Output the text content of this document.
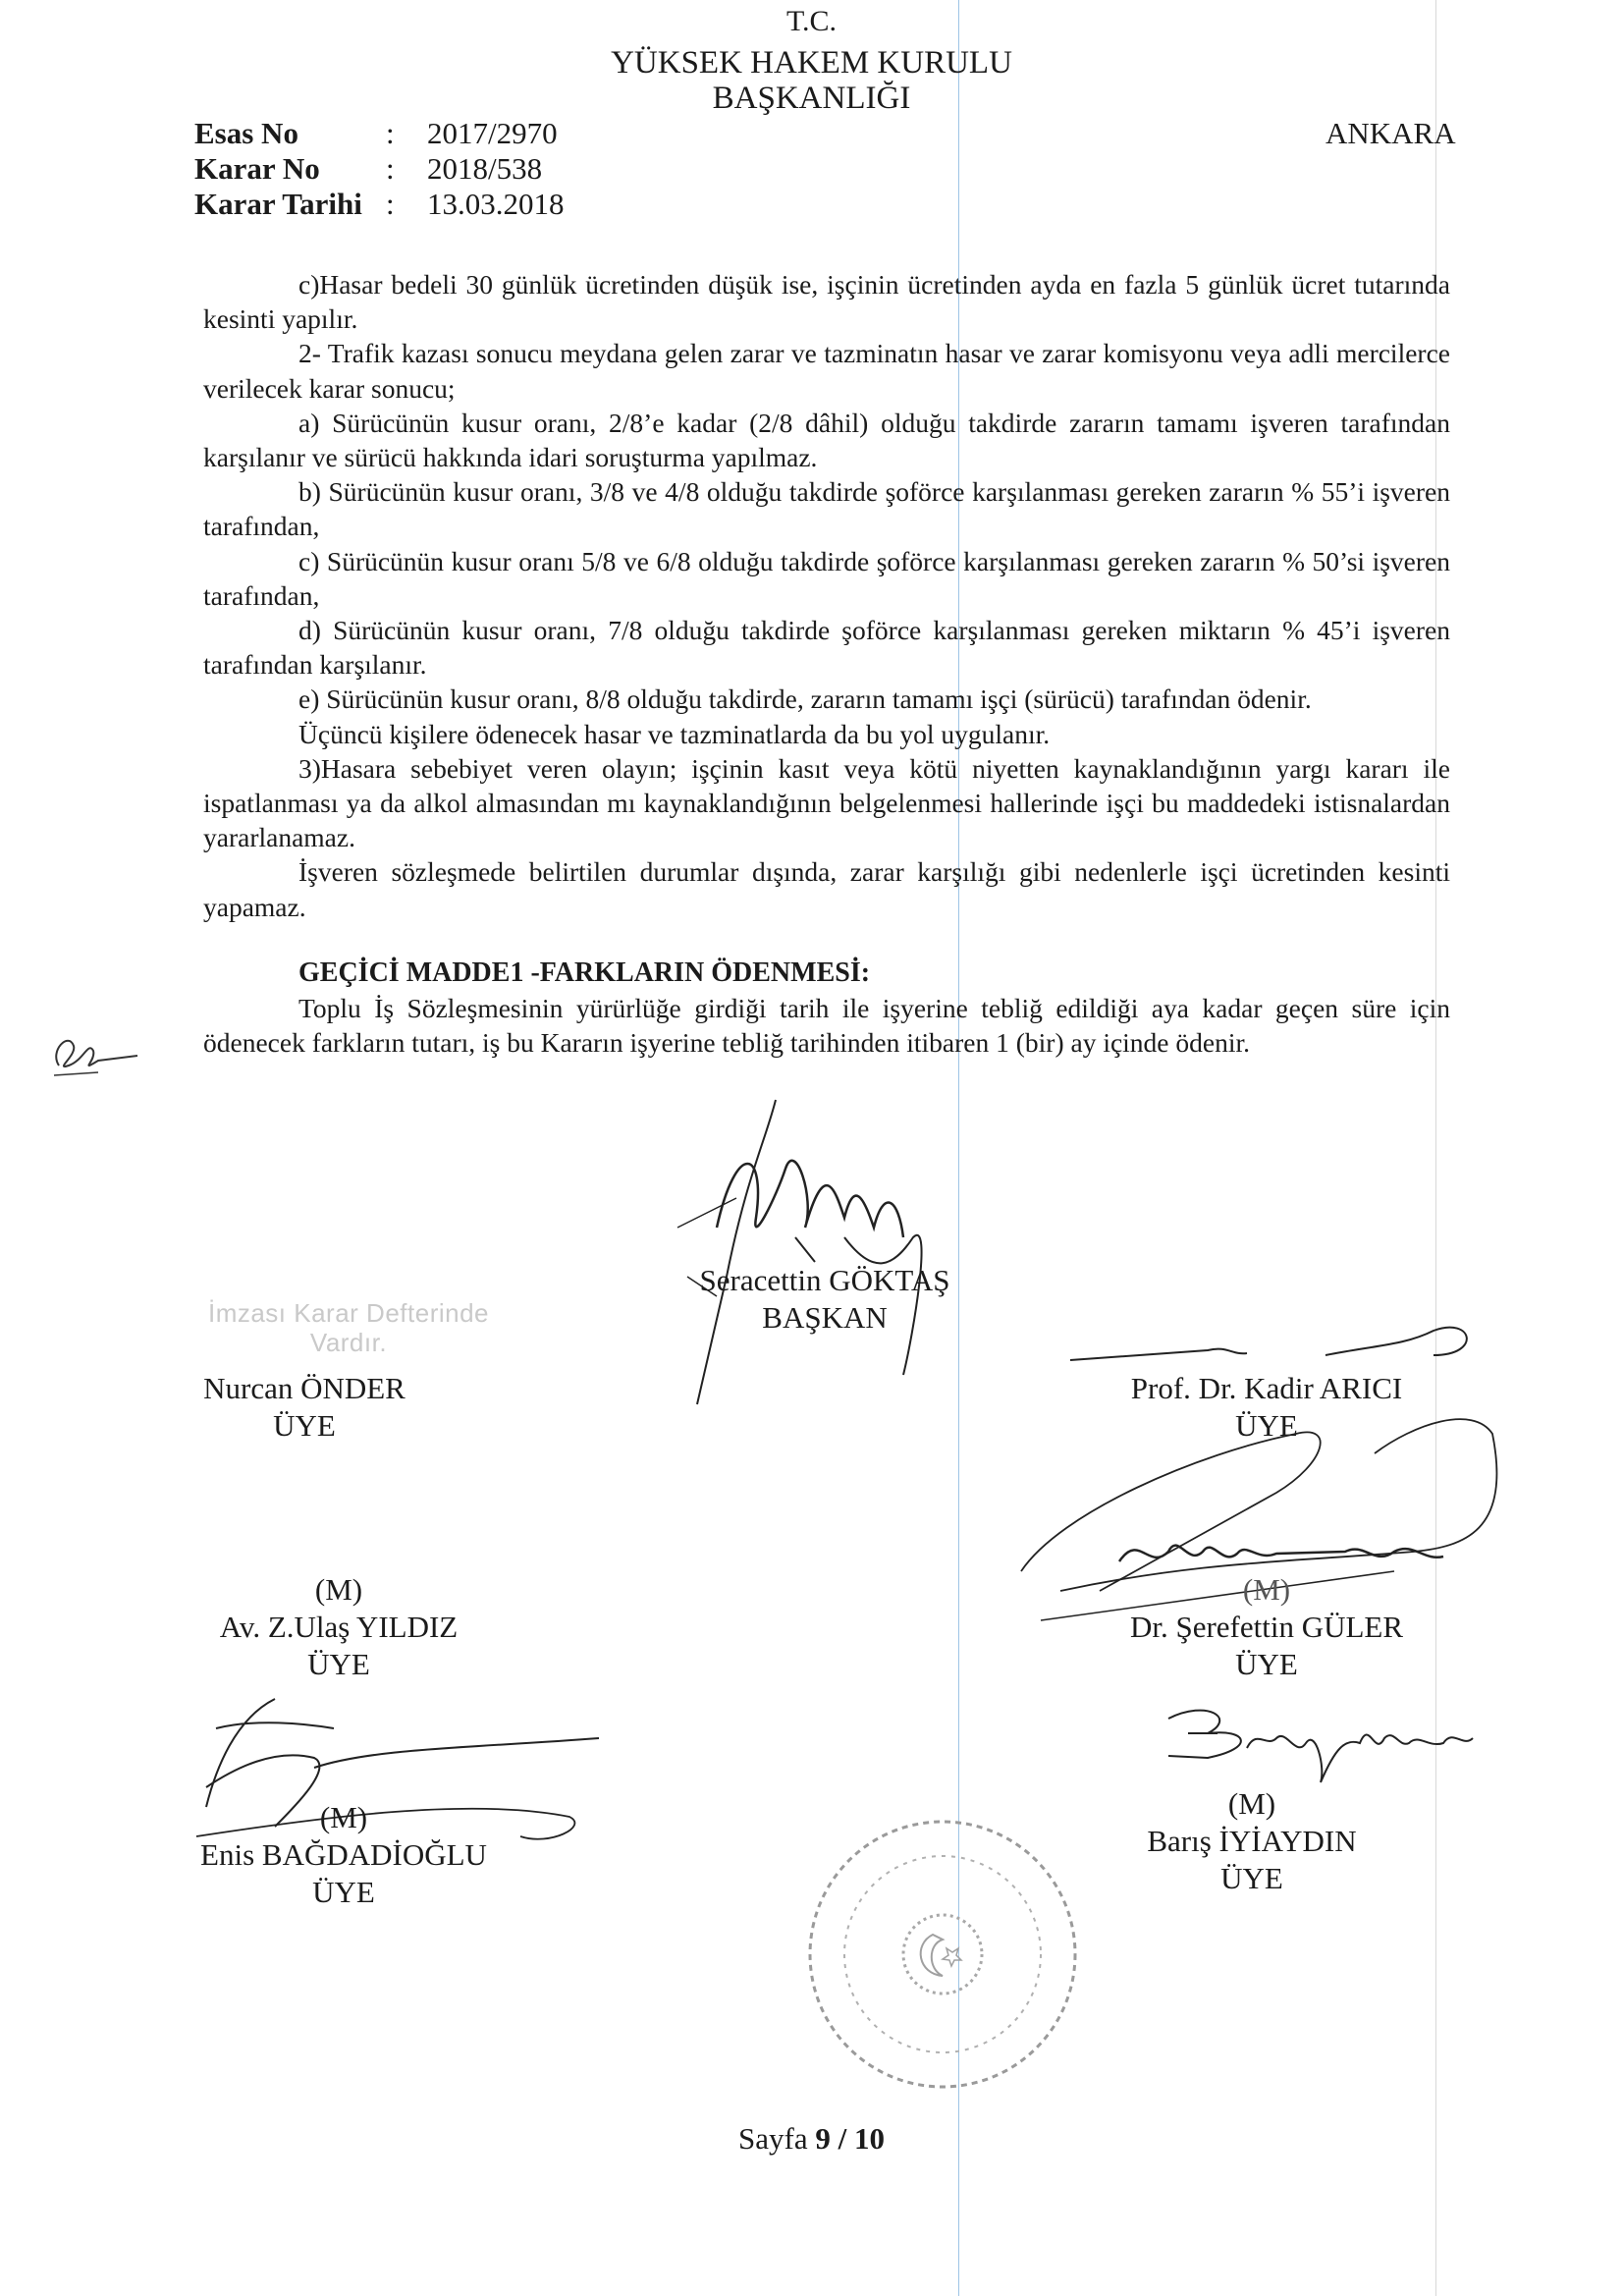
T.C.
YÜKSEK HAKEM KURULU
BAŞKANLIĞI
Esas No	:	2017/2970
Karar No	:	2018/538
Karar Tarihi :	13.03.2018
ANKARA

c)Hasar bedeli 30 günlük ücretinden düşük ise, işçinin ücretinden ayda en fazla 5 günlük ücret tutarında kesinti yapılır.

2- Trafik kazası sonucu meydana gelen zarar ve tazminatın hasar ve zarar komisyonu veya adli mercilerce verilecek karar sonucu;

a) Sürücünün kusur oranı, 2/8’e kadar (2/8 dâhil) olduğu takdirde zararın tamamı işveren tarafından karşılanır ve sürücü hakkında idari soruşturma yapılmaz.

b) Sürücünün kusur oranı, 3/8 ve 4/8 olduğu takdirde şoförce karşılanması gereken zararın % 55’i işveren tarafından,

c) Sürücünün kusur oranı 5/8 ve 6/8 olduğu takdirde şoförce karşılanması gereken zararın % 50’si işveren tarafından,

d) Sürücünün kusur oranı, 7/8 olduğu takdirde şoförce karşılanması gereken miktarın % 45’i işveren tarafından karşılanır.

e) Sürücünün kusur oranı, 8/8 olduğu takdirde, zararın tamamı işçi (sürücü) tarafından ödenir.

Üçüncü kişilere ödenecek hasar ve tazminatlarda da bu yol uygulanır.

3)Hasara sebebiyet veren olayın; işçinin kasıt veya kötü niyetten kaynaklandığının yargı kararı ile ispatlanması ya da alkol almasından mı kaynaklandığının belgelenmesi hallerinde işçi bu maddedeki istisnalardan yararlanamaz.

İşveren sözleşmede belirtilen durumlar dışında, zarar karşılığı gibi nedenlerle işçi ücretinden kesinti yapamaz.

GEÇİCİ MADDE1 -FARKLARIN ÖDENMESİ:

Toplu İş Sözleşmesinin yürürlüğe girdiği tarih ile işyerine tebliğ edildiği aya kadar geçen süre için ödenecek farkların tutarı, iş bu Kararın işyerine tebliğ tarihinden itibaren 1 (bir) ay içinde ödenir.

Seracettin GÖKTAŞ
BAŞKAN
İmzası Karar Defterinde Vardır.
Nurcan ÖNDER
ÜYE
Prof. Dr. Kadir ARICI
ÜYE
(M)
Av. Z.Ulaş YILDIZ
ÜYE
(M)
Dr. Şerefettin GÜLER
ÜYE
(M)
Enis BAĞDADİOĞLU
ÜYE
(M)
Barış İYİAYDIN
ÜYE
Sayfa 9 / 10
